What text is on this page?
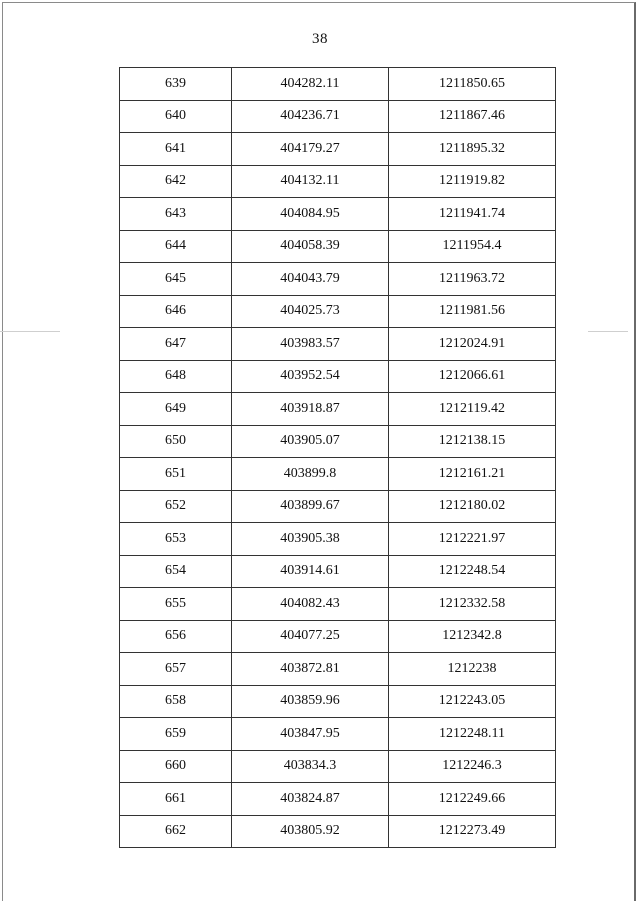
38
639	404282.11	1211850.65
640	404236.71	1211867.46
641	404179.27	1211895.32
642	404132.11	1211919.82
643	404084.95	1211941.74
644	404058.39	1211954.4
645	404043.79	1211963.72
646	404025.73	1211981.56
647	403983.57	1212024.91
648	403952.54	1212066.61
649	403918.87	1212119.42
650	403905.07	1212138.15
651	403899.8	1212161.21
652	403899.67	1212180.02
653	403905.38	1212221.97
654	403914.61	1212248.54
655	404082.43	1212332.58
656	404077.25	1212342.8
657	403872.81	1212238
658	403859.96	1212243.05
659	403847.95	1212248.11
660	403834.3	1212246.3
661	403824.87	1212249.66
662	403805.92	1212273.49
